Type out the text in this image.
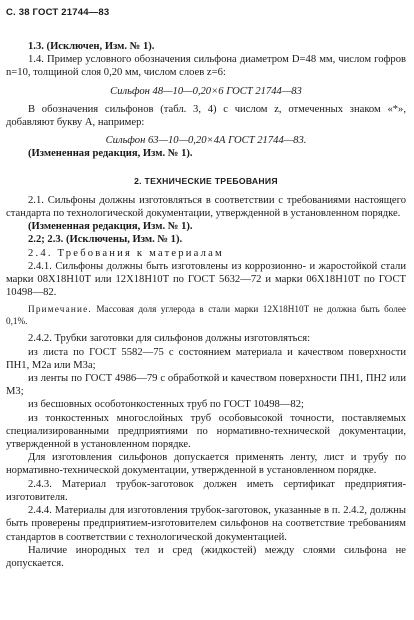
С. 38 ГОСТ 21744—83

1.3. (Исключен, Изм. № 1).

1.4. Пример условного обозначения сильфона диаметром D=48 мм, числом гофров n=10, толщиной слоя 0,20 мм, числом слоев z=6:

Сильфон 48—10—0,20×6 ГОСТ 21744—83

В обозначения сильфонов (табл. 3, 4) с числом z, отмеченных знаком «*», добавляют букву А, например:

Сильфон 63—10—0,20×4А ГОСТ 21744—83.

(Измененная редакция, Изм. № 1).

2. ТЕХНИЧЕСКИЕ ТРЕБОВАНИЯ

2.1. Сильфоны должны изготовляться в соответствии с требованиями настоящего стандарта по технологической документации, утвержденной в установленном порядке.

(Измененная редакция, Изм. № 1).

2.2; 2.3. (Исключены, Изм. № 1).

2.4. Требования к материалам

2.4.1. Сильфоны должны быть изготовлены из коррозионно- и жаростойкой стали марки 08Х18Н10Т или 12Х18Н10Т по ГОСТ 5632—72 и марки 06Х18Н10Т по ГОСТ 10498—82.

Примечание. Массовая доля углерода в стали марки 12Х18Н10Т не должна быть более 0,1%.

2.4.2. Трубки заготовки для сильфонов должны изготовляться:

из листа по ГОСТ 5582—75 с состоянием материала и качеством поверхности ПН1, М2а или М3а;

из ленты по ГОСТ 4986—79 с обработкой и качеством поверхности ПН1, ПН2 или М3;

из бесшовных особотонкостенных труб по ГОСТ 10498—82;

из тонкостенных многослойных труб особовысокой точности, поставляемых специализированными предприятиями по нормативно-технической документации, утвержденной в установленном порядке.

Для изготовления сильфонов допускается применять ленту, лист и трубу по нормативно-технической документации, утвержденной в установленном порядке.

2.4.3. Материал трубок-заготовок должен иметь сертификат предприятия-изготовителя.

2.4.4. Материалы для изготовления трубок-заготовок, указанные в п. 2.4.2, должны быть проверены предприятием-изготовителем сильфонов на соответствие требованиям стандартов в соответствии с технологической документацией.

Наличие инородных тел и сред (жидкостей) между слоями сильфона не допускается.
